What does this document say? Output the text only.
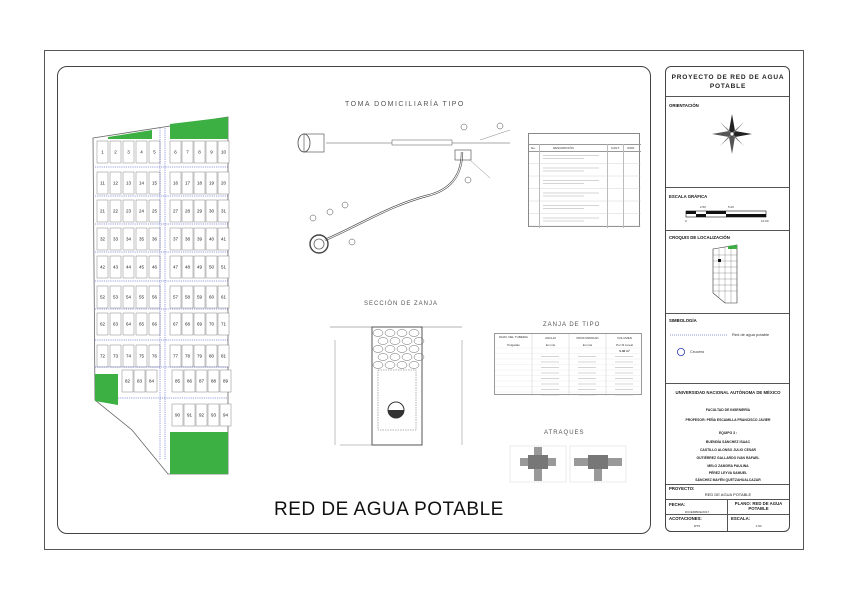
1 2 3 4 5	6 7 8 9 10
11 12 13 14 15	16 17 18 19 20
21 22 23 24 25	27 28 29 30 31
32 33 34 35 36	37 38 39 40 41
42 43 44 45 46	47 48 49 50 51
52 53 54 55 56	57 58 59 60 61
62 63 64 65 66	67 68 69 70 71
72 73 74 75 76	77 78 79 80 81
82 83 84	85 86 87 88 89
90 91 92 93 94
TOMA DOMICILIARÍA TIPO
No.	DESCRIPCIÓN	CANT. UNID.
SECCIÓN DE ZANJA
ZANJA DE TIPO
DIAM. DEL TUBERIA	ANCHO	PROFUNDIDAD	VOLUMEN
Pulgadas	En mts	En mts	Por M Lineal
0.36 m³
ATRAQUES
RED DE AGUA POTABLE
PROYECTO DE RED DE AGUA POTABLE
ORIENTACIÓN
ESCALA GRÁFICA
0
2.50	5.00
10.00
CROQUIS DE LOCALIZACIÓN
SIMBOLOGÍA
Red de agua potable
Crucero
UNIVERSIDAD NACIONAL AUTÓNOMA DE MÉXICO
FACULTAD DE INGENIERÍA
PROFESOR: PEÑA ESCAMILLA FRANCISCO JAVIER
EQUIPO 3 :
BUENDÍA SÁNCHEZ ISAAC
CASTILLO ALONSO JULIO CESAR
GUTIÉRREZ GALLARDO IVAN RAFAEL
MELO ZAMORA PAULINA
PÉREZ LEYVA SAMUEL
SÁNCHEZ MAYÉN QUETZAHUALCAZAR
PROYECTO:
RED DE AGUA POTABLE
FECHA:
DICIEMBRE/2017
PLANO: RED DE AGUA POTABLE
ACOTACIONES:
MTS
ESCALA:
1:50
